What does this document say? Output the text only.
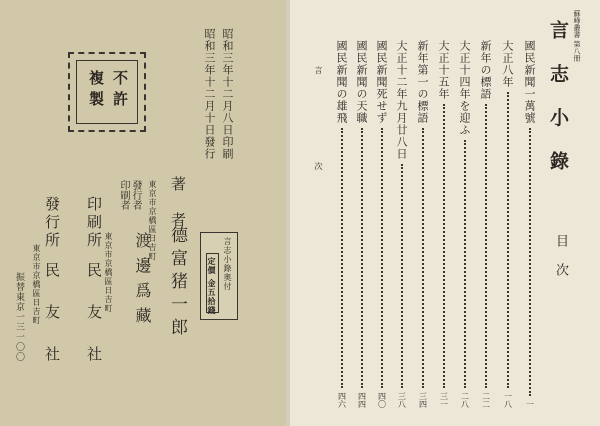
不許
複製	昭和三年十二月八日印刷
昭和三年十二月十日發行
言志小錄奥付
定價 金五拾錢
著　者
德富猪一郎
東京市京橋區日吉町
發行者
印刷者
渡邊爲藏
東京市京橋區日吉町
印刷所
民　友　社
發行所
東京市京橋區日吉町 民　友　社
振替東京一三一〇〇
蘇峰叢書 第八冊
言 志 小 錄
目 次
國民新聞一萬號
一
大正八年
一八
新年の標語
二二
大正十四年を迎ふ
二八
大正十五年
三一
新年第一の標語
三四
大正十二年九月廿八日
三八
國民新聞死せず
四〇
國民新聞の天職
四四
國民新聞の雄飛
四六
言
次
